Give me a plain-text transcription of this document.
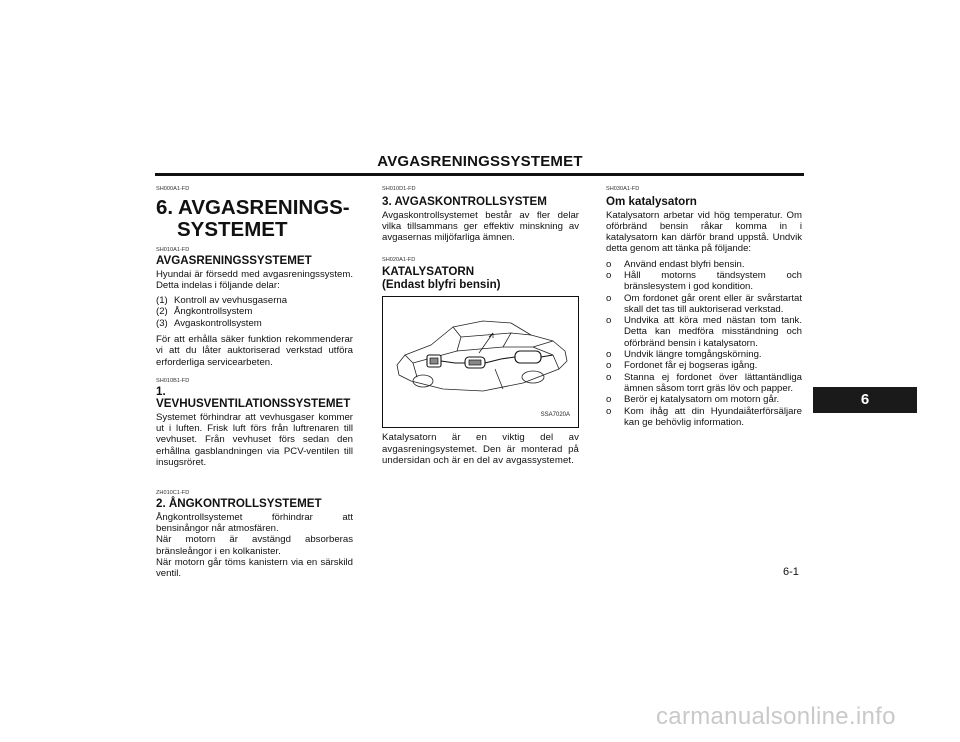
AVGASRENINGSSYSTEMET
SH000A1-FD
6. AVGASRENINGS-
SYSTEMET
SH010A1-FD
AVGASRENINGSSYSTEMET

Hyundai är försedd med avgasreningssystem. Detta indelas i följande delar:

(1) Kontroll av vevhusgaserna
(2) Ångkontrollsystem
(3) Avgaskontrollsystem

För att erhålla säker funktion rekommenderar vi att du låter auktoriserad verkstad utföra erforderliga servicearbeten.

SH010B1-FD
1. VEVHUSVENTILATIONSSYSTEMET

Systemet förhindrar att vevhusgaser kommer ut i luften. Frisk luft förs från luftrenaren till vevhuset. Från vevhuset förs sedan den erhållna gasblandningen via PCV-ventilen till insugsröret.

ZH010C1-FD
2. ÅNGKONTROLLSYSTEMET

Ångkontrollsystemet förhindrar att bensinångor når atmosfären.

När motorn är avstängd absorberas bränsleångor i en kolkanister.

När motorn går töms kanistern via en särskild ventil.

SH010D1-FD
3. AVGASKONTROLLSYSTEM

Avgaskontrollsystemet består av fler delar vilka tillsammans ger effektiv minskning av avgasernas miljöfarliga ämnen.

SH020A1-FD
KATALYSATORN
(Endast blyfri bensin)
SSA7020A

Katalysatorn är en viktig del av avgasreningsystemet. Den är monterad på undersidan och är en del av avgassystemet.

SH030A1-FD
Om katalysatorn

Katalysatorn arbetar vid hög temperatur. Om oförbränd bensin råkar komma in i katalysatorn kan därför brand uppstå. Undvik detta genom att tänka på följande:

o	Använd endast blyfri bensin.
o	Håll motorns tändsystem och bränslesystem i god kondition.
o	Om fordonet går orent eller är svårstartat skall det tas till auktoriserad verkstad.
o	Undvika att köra med nästan tom tank. Detta kan medföra misständning och oförbränd bensin i katalysatorn.
o	Undvik längre tomgångskörning.
o	Fordonet får ej bogseras igång.
o	Stanna ej fordonet över lättantändliga ämnen såsom torrt gräs löv och papper.
o	Berör ej katalysatorn om motorn går.
o	Kom ihåg att din Hyundaiåterförsäljare kan ge behövlig information.
6
6-1
carmanualsonline.info
